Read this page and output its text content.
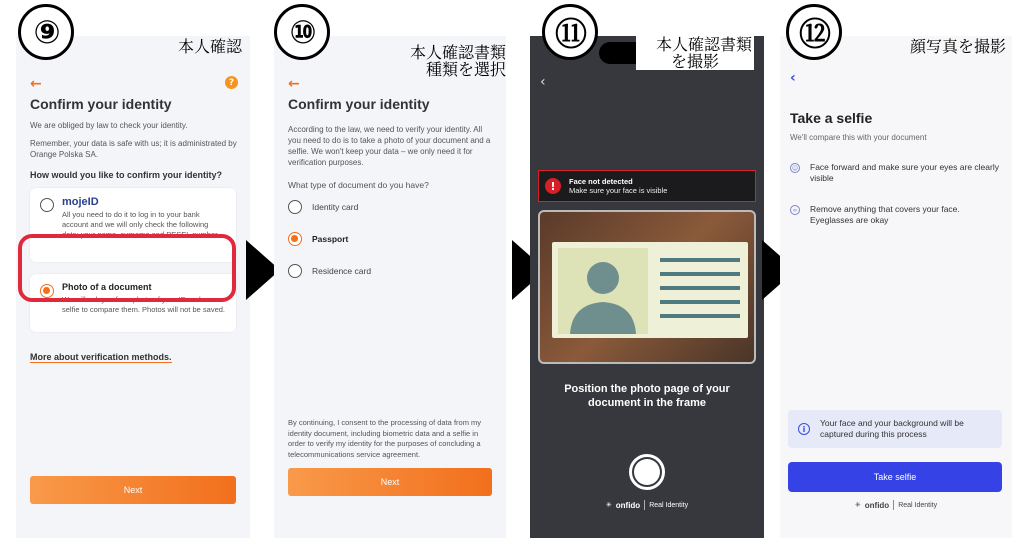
⑨	本人確認	⑩
本人確認書類
種類を選択
⑪	本人確認書類
を撮影
⑫	顔写真を撮影
←	?
Confirm your identity
We are obliged by law to check your identity.
Remember, your data is safe with us; it is administrated by Orange Polska SA.
How would you like to confirm your identity?
mojeID
All you need to do it to log in to your bank account and we will only check the following data: your name, surname and PESEL number.
Photo of a document
We will ask you for a photo of your ID and a selfie to compare them. Photos will not be saved.
More about verification methods.
Next
←
Confirm your identity
According to the law, we need to verify your identity. All you need to do is to take a photo of your document and a selfie. We won't keep your data – we only need it for verification purposes.
What type of document do you have?
Identity card
Passport
Residence card
By continuing, I consent to the processing of data from my identity document, including biometric data and a selfie in order to verify my identity for the purposes of concluding a telecommunications service agreement.
Next
‹
!	Face not detected
Make sure your face is visible
Position the photo page of your document in the frame
✳ onfido Real Identity
‹
Take a selfie
We'll compare this with your document
☺ Face forward and make sure your eyes are clearly visible
∞ Remove anything that covers your face. Eyeglasses are okay
i
Your face and your background will be captured during this process
Take selfie
✳ onfido Real Identity
